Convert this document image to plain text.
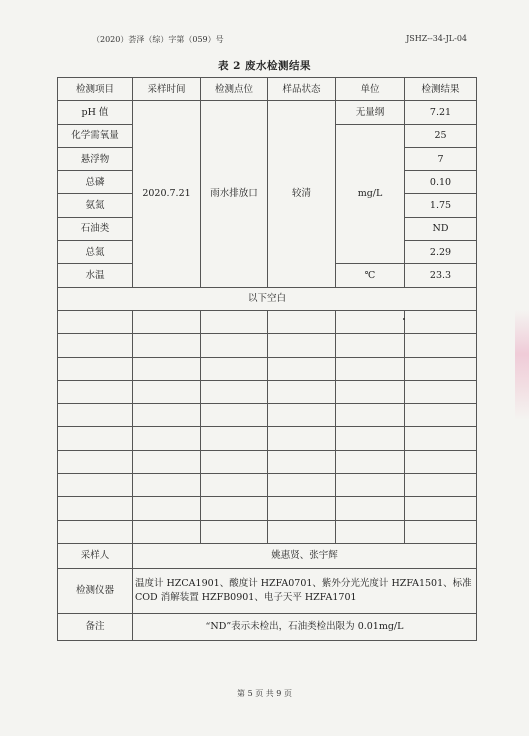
（2020）荟泽（综）字第（059）号	JSHZ--34-JL-04
表 2 废水检测结果
检测项目	采样时间	检测点位	样品状态	单位	检测结果
pH 值	2020.7.21	雨水排放口	较清	无量纲	7.21
化学需氧量				mg/L	25
悬浮物					7
总磷					0.10
氨氮					1.75
石油类					ND
总氮					2.29
水温				℃	23.3
以下空白					

采样人	姚惠贤、张宇辉				
检测仪器	温度计 HZCA1901、酸度计 HZFA0701、紫外分光光度计 HZFA1501、标准 COD 消解装置 HZFB0901、电子天平 HZFA1701				
备注	“ND”表示未检出，石油类检出限为 0.01mg/L				
第 5 页 共 9 页
